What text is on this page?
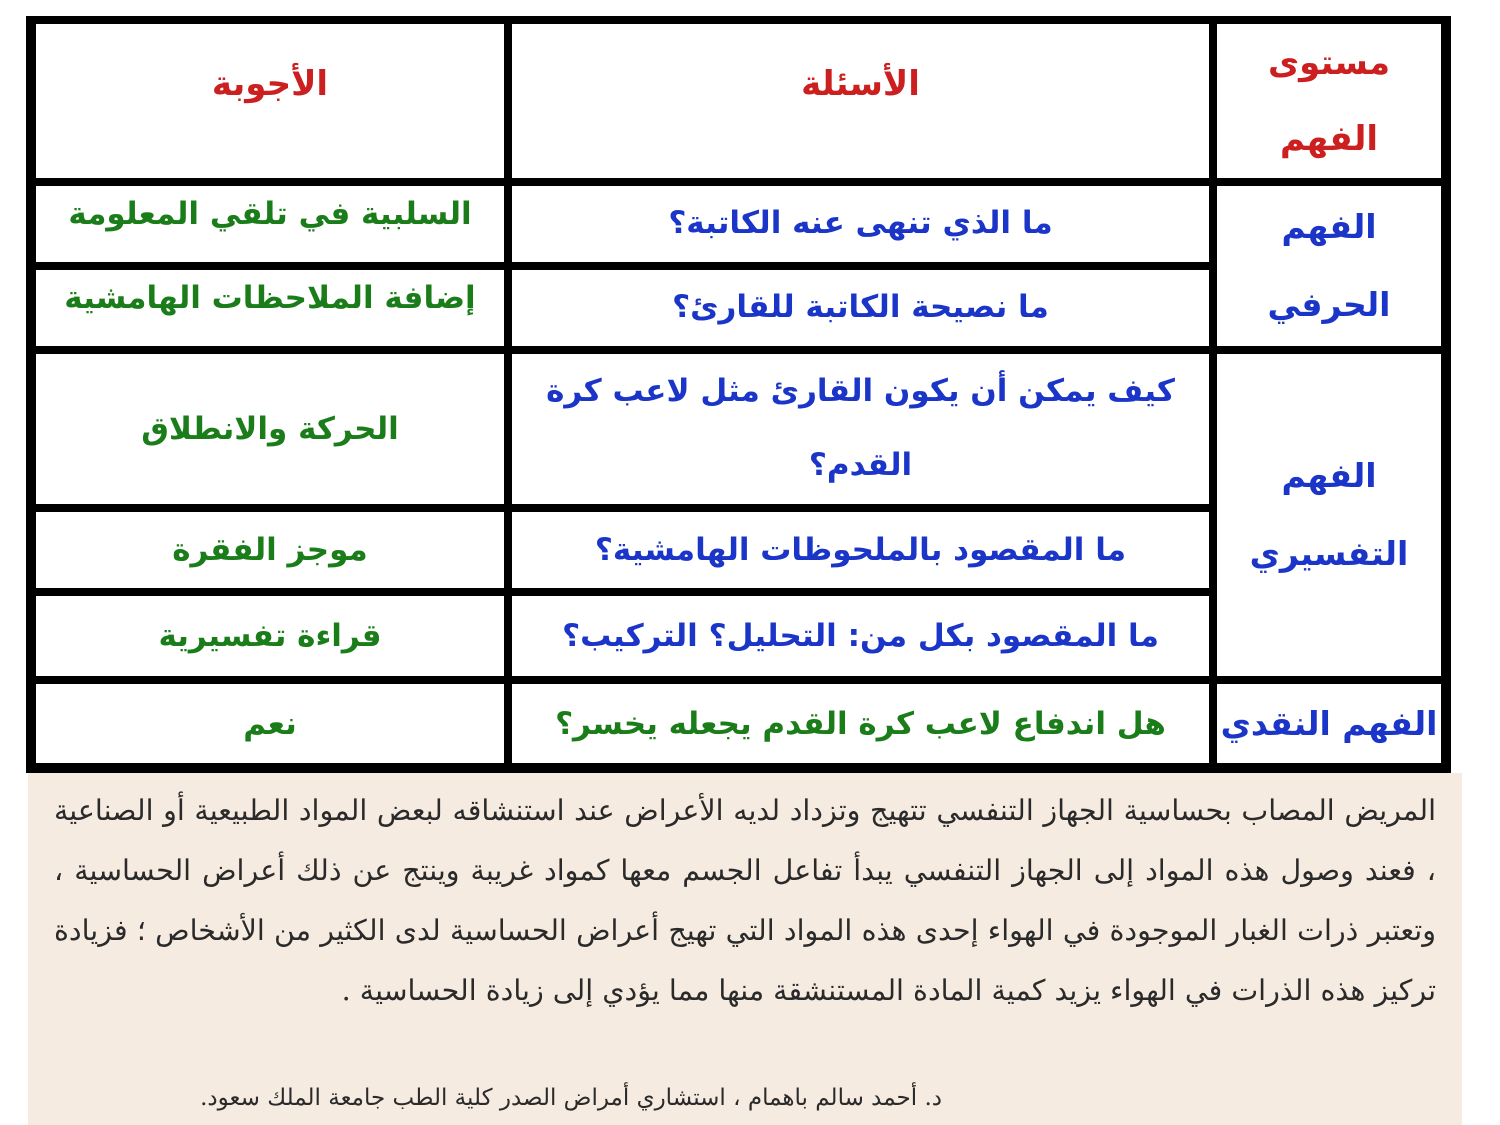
مستوى الفهم
الأسئلة
الأجوبة
الفهم الحرفي
الفهم التفسيري
الفهم النقدي
ما الذي تنهى عنه الكاتبة؟
السلبية في تلقي المعلومة
ما نصيحة الكاتبة للقارئ؟
إضافة الملاحظات الهامشية
كيف يمكن أن يكون القارئ مثل لاعب كرة القدم؟
الحركة والانطلاق
ما المقصود بالملحوظات الهامشية؟
موجز الفقرة
ما المقصود بكل من: التحليل؟ التركيب؟
قراءة تفسيرية
هل اندفاع لاعب كرة القدم يجعله يخسر؟
نعم

المريض المصاب بحساسية الجهاز التنفسي تتهيج وتزداد لديه الأعراض عند استنشاقه لبعض المواد الطبيعية أو الصناعية ، فعند وصول هذه المواد إلى الجهاز التنفسي يبدأ تفاعل الجسم معها كمواد غريبة وينتج عن ذلك أعراض الحساسية ، وتعتبر ذرات الغبار الموجودة في الهواء إحدى هذه المواد التي تهيج أعراض الحساسية لدى الكثير من الأشخاص ؛ فزيادة تركيز هذه الذرات في الهواء يزيد كمية المادة المستنشقة منها مما يؤدي إلى زيادة الحساسية .

د. أحمد سالم باهمام ، استشاري أمراض الصدر كلية الطب جامعة الملك سعود.
